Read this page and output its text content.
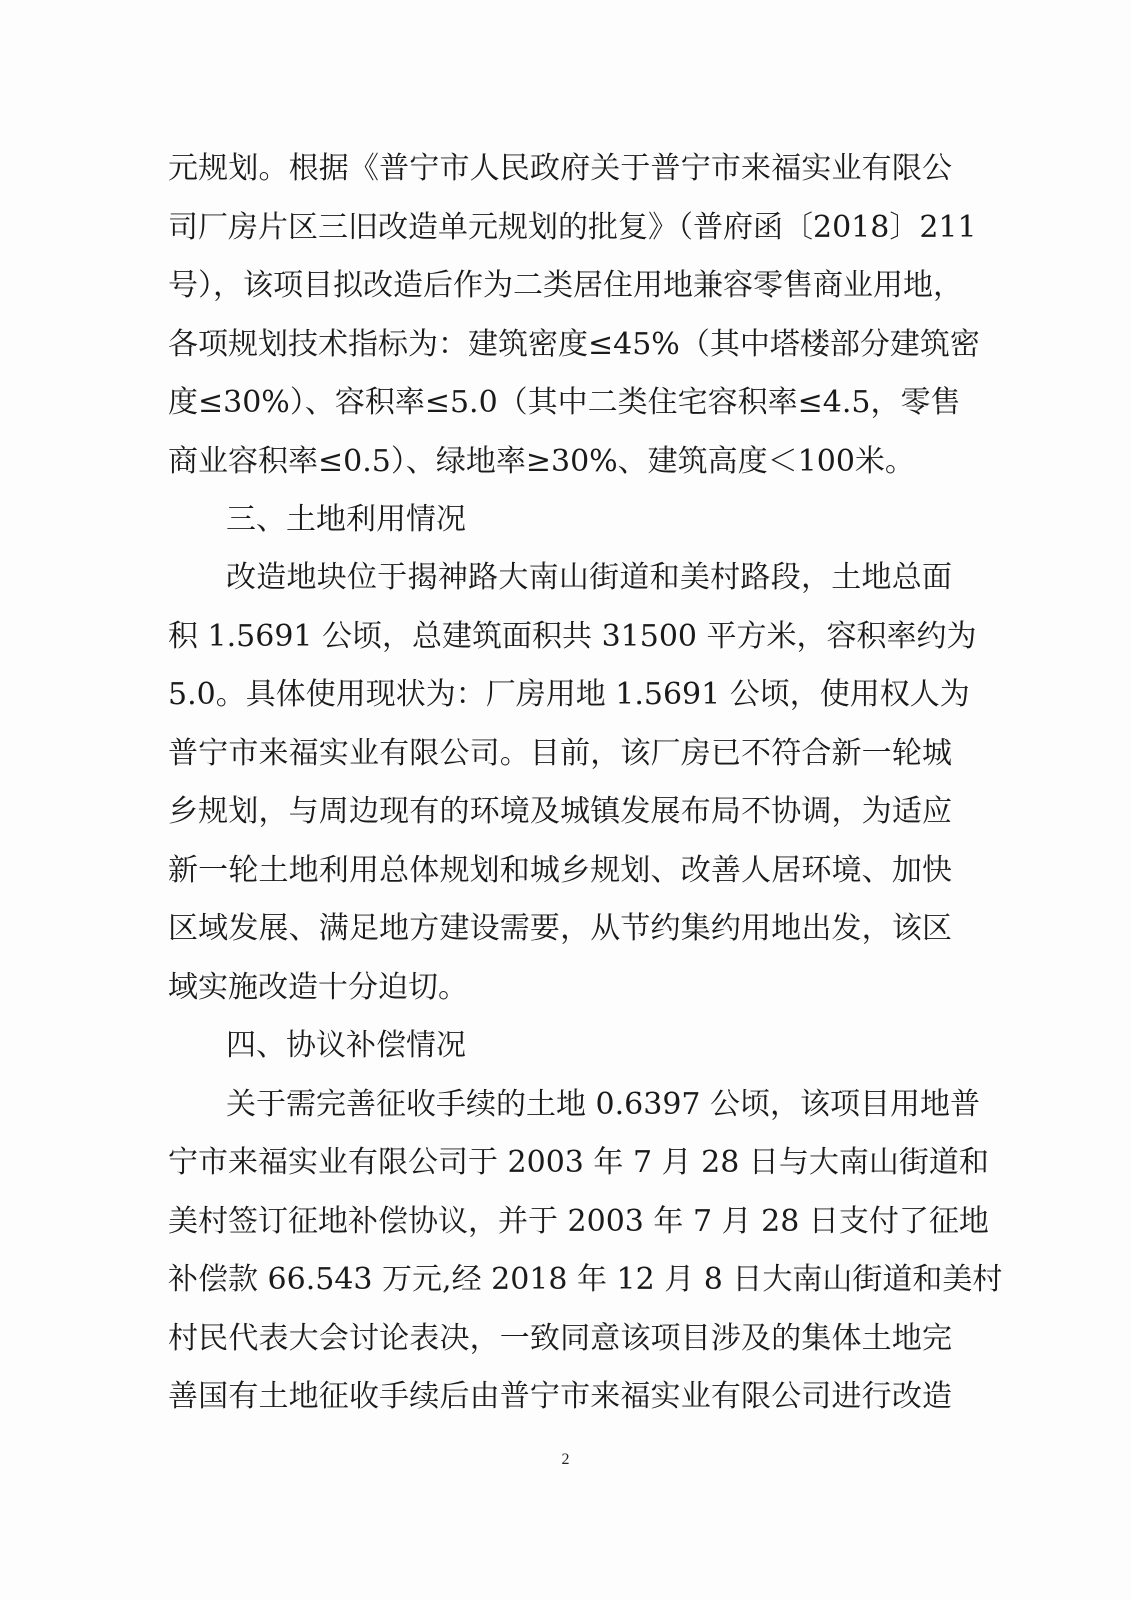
元规划。根据《普宁市人民政府关于普宁市来福实业有限公
司厂房片区三旧改造单元规划的批复》（普府函〔2018〕211
号），该项目拟改造后作为二类居住用地兼容零售商业用地，
各项规划技术指标为：建筑密度≤45%（其中塔楼部分建筑密
度≤30%）、容积率≤5.0（其中二类住宅容积率≤4.5，零售
商业容积率≤0.5）、绿地率≥30%、建筑高度＜100米。
三、土地利用情况
改造地块位于揭神路大南山街道和美村路段，土地总面
积 1.5691 公顷，总建筑面积共 31500 平方米，容积率约为
5.0。具体使用现状为：厂房用地 1.5691 公顷，使用权人为
普宁市来福实业有限公司。目前，该厂房已不符合新一轮城
乡规划，与周边现有的环境及城镇发展布局不协调，为适应
新一轮土地利用总体规划和城乡规划、改善人居环境、加快
区域发展、满足地方建设需要，从节约集约用地出发，该区
域实施改造十分迫切。
四、协议补偿情况
关于需完善征收手续的土地 0.6397 公顷，该项目用地普
宁市来福实业有限公司于 2003 年 7 月 28 日与大南山街道和
美村签订征地补偿协议，并于 2003 年 7 月 28 日支付了征地
补偿款 66.543 万元,经 2018 年 12 月 8 日大南山街道和美村
村民代表大会讨论表决，一致同意该项目涉及的集体土地完
善国有土地征收手续后由普宁市来福实业有限公司进行改造
2
